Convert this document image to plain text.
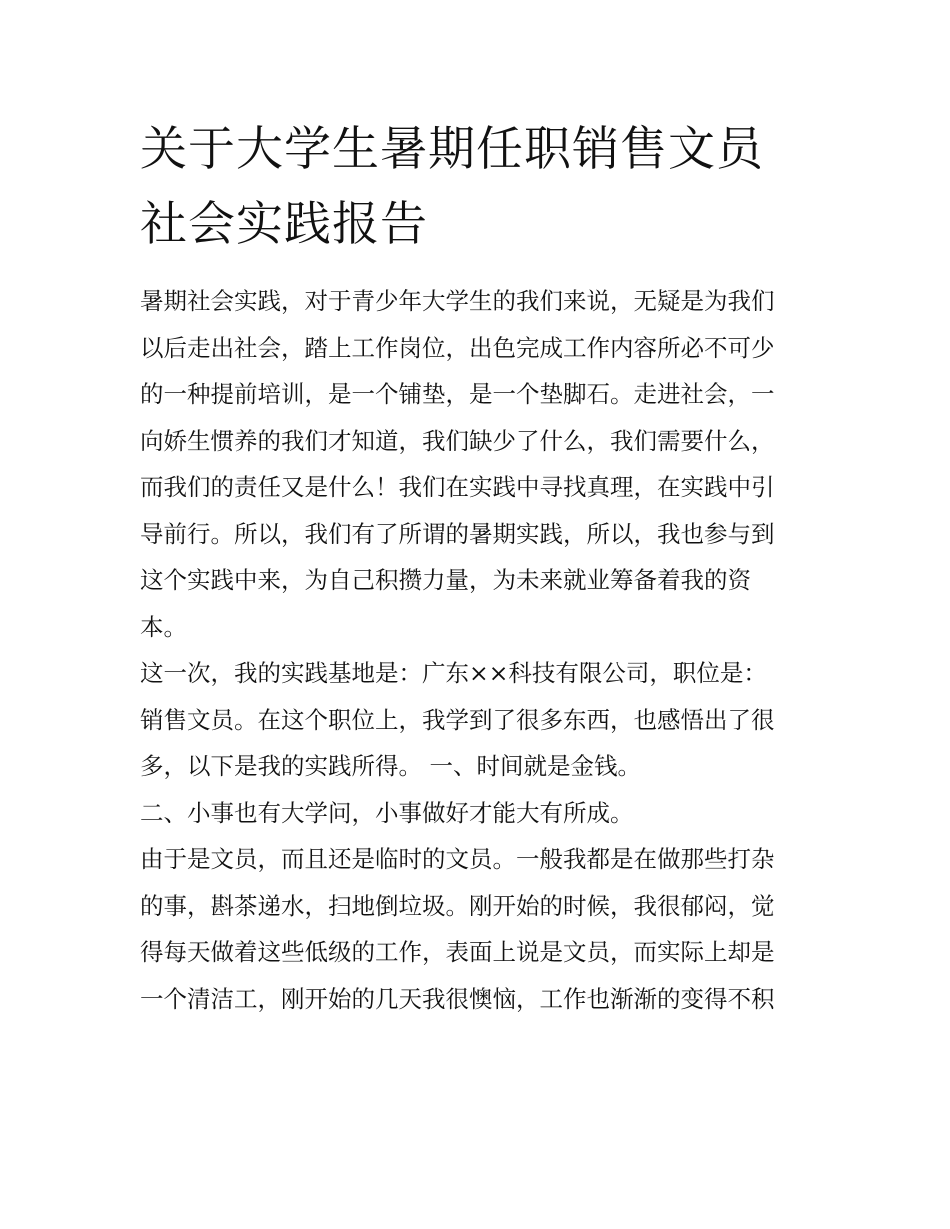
关于大学生暑期任职销售文员
社会实践报告
暑期社会实践，对于青少年大学生的我们来说，无疑是为我们
以后走出社会，踏上工作岗位，出色完成工作内容所必不可少
的一种提前培训，是一个铺垫，是一个垫脚石。走进社会，一
向娇生惯养的我们才知道，我们缺少了什么，我们需要什么，
而我们的责任又是什么！我们在实践中寻找真理，在实践中引
导前行。所以，我们有了所谓的暑期实践，所以，我也参与到
这个实践中来，为自己积攒力量，为未来就业筹备着我的资
本。
这一次，我的实践基地是：广东××科技有限公司，职位是：
销售文员。在这个职位上，我学到了很多东西，也感悟出了很
多，以下是我的实践所得。 一、时间就是金钱。
二、小事也有大学问，小事做好才能大有所成。
由于是文员，而且还是临时的文员。一般我都是在做那些打杂
的事，斟茶递水，扫地倒垃圾。刚开始的时候，我很郁闷，觉
得每天做着这些低级的工作，表面上说是文员，而实际上却是
一个清洁工，刚开始的几天我很懊恼，工作也渐渐的变得不积
